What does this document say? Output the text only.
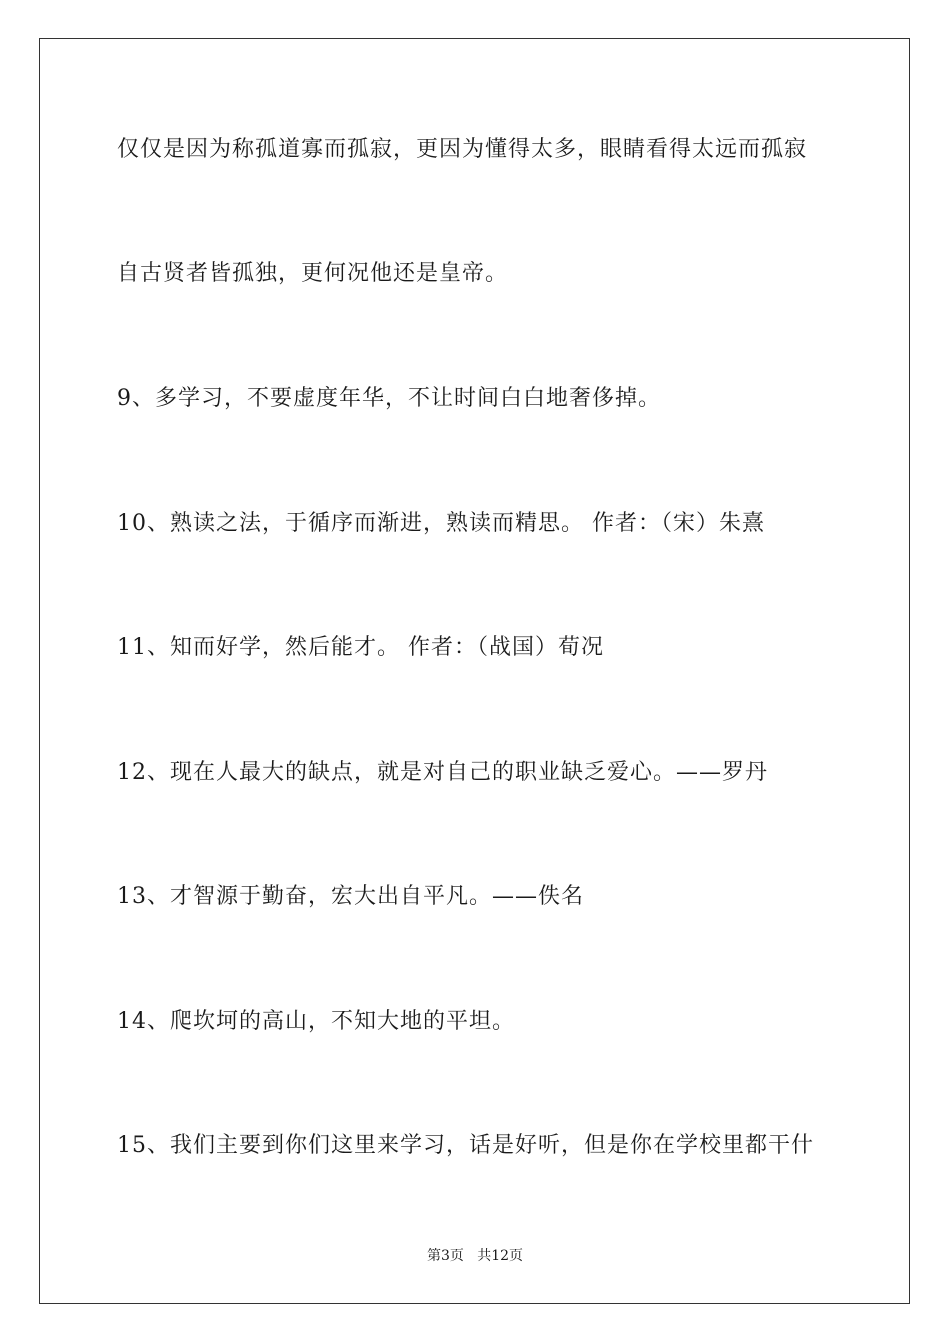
仅仅是因为称孤道寡而孤寂，更因为懂得太多，眼睛看得太远而孤寂
自古贤者皆孤独，更何况他还是皇帝。
9、多学习，不要虚度年华，不让时间白白地奢侈掉。
10、熟读之法，于循序而渐进，熟读而精思。 作者：（宋）朱熹
11、知而好学，然后能才。 作者：（战国）荀况
12、现在人最大的缺点，就是对自己的职业缺乏爱心。——罗丹
13、才智源于勤奋，宏大出自平凡。——佚名
14、爬坎坷的高山，不知大地的平坦。
15、我们主要到你们这里来学习，话是好听，但是你在学校里都干什
第3页   共12页
